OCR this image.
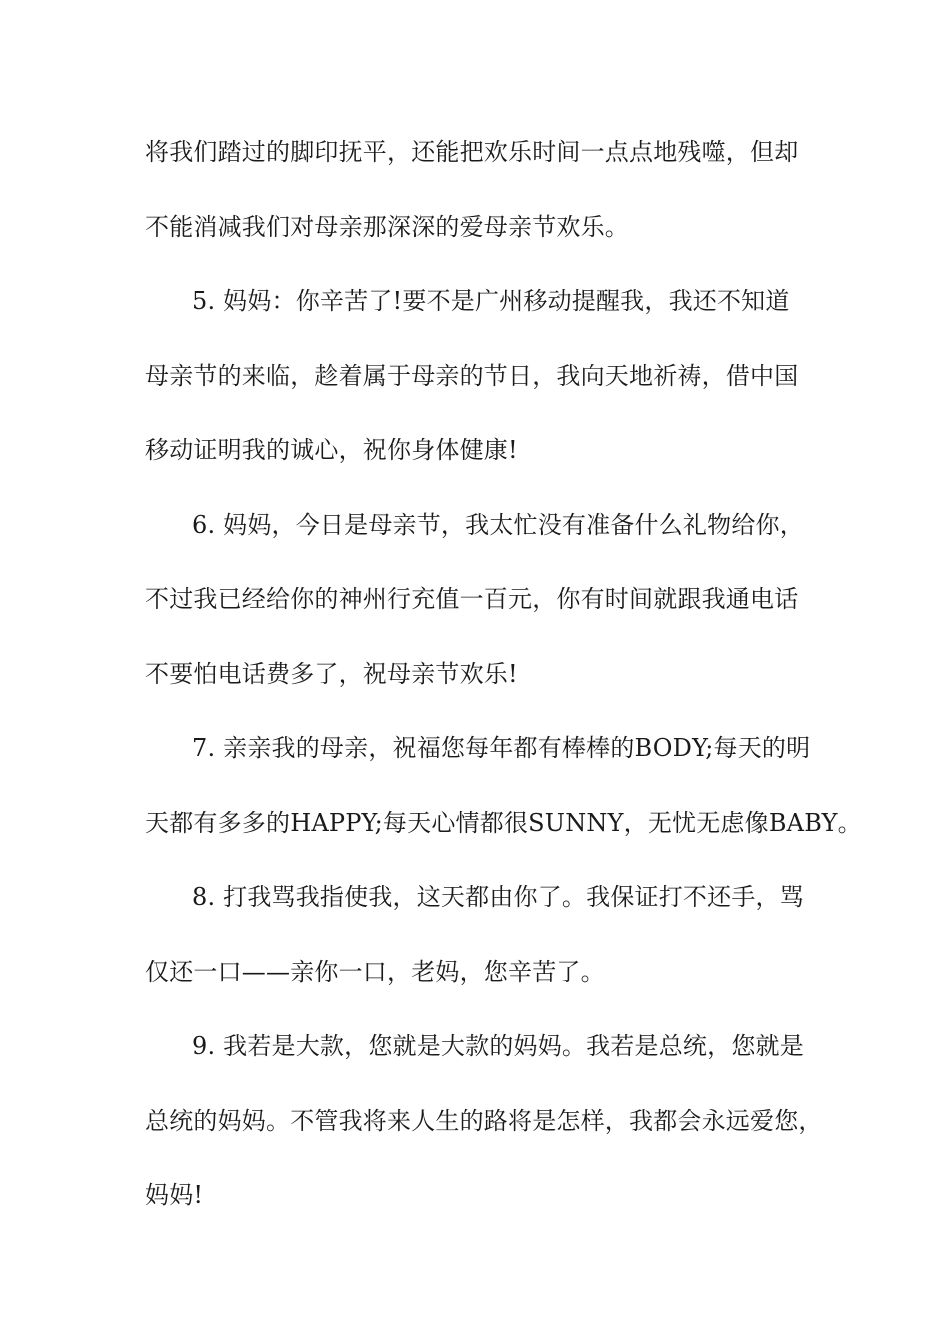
将我们踏过的脚印抚平，还能把欢乐时间一点点地残噬，但却
不能消减我们对母亲那深深的爱母亲节欢乐。
5. 妈妈：你辛苦了!要不是广州移动提醒我，我还不知道
母亲节的来临，趁着属于母亲的节日，我向天地祈祷，借中国
移动证明我的诚心，祝你身体健康!
6. 妈妈，今日是母亲节，我太忙没有准备什么礼物给你，
不过我已经给你的神州行充值一百元，你有时间就跟我通电话
不要怕电话费多了，祝母亲节欢乐!
7. 亲亲我的母亲，祝福您每年都有棒棒的BODY;每天的明
天都有多多的HAPPY;每天心情都很SUNNY，无忧无虑像BABY。
8. 打我骂我指使我，这天都由你了。我保证打不还手，骂
仅还一口——亲你一口，老妈，您辛苦了。
9. 我若是大款，您就是大款的妈妈。我若是总统，您就是
总统的妈妈。不管我将来人生的路将是怎样，我都会永远爱您，
妈妈!
